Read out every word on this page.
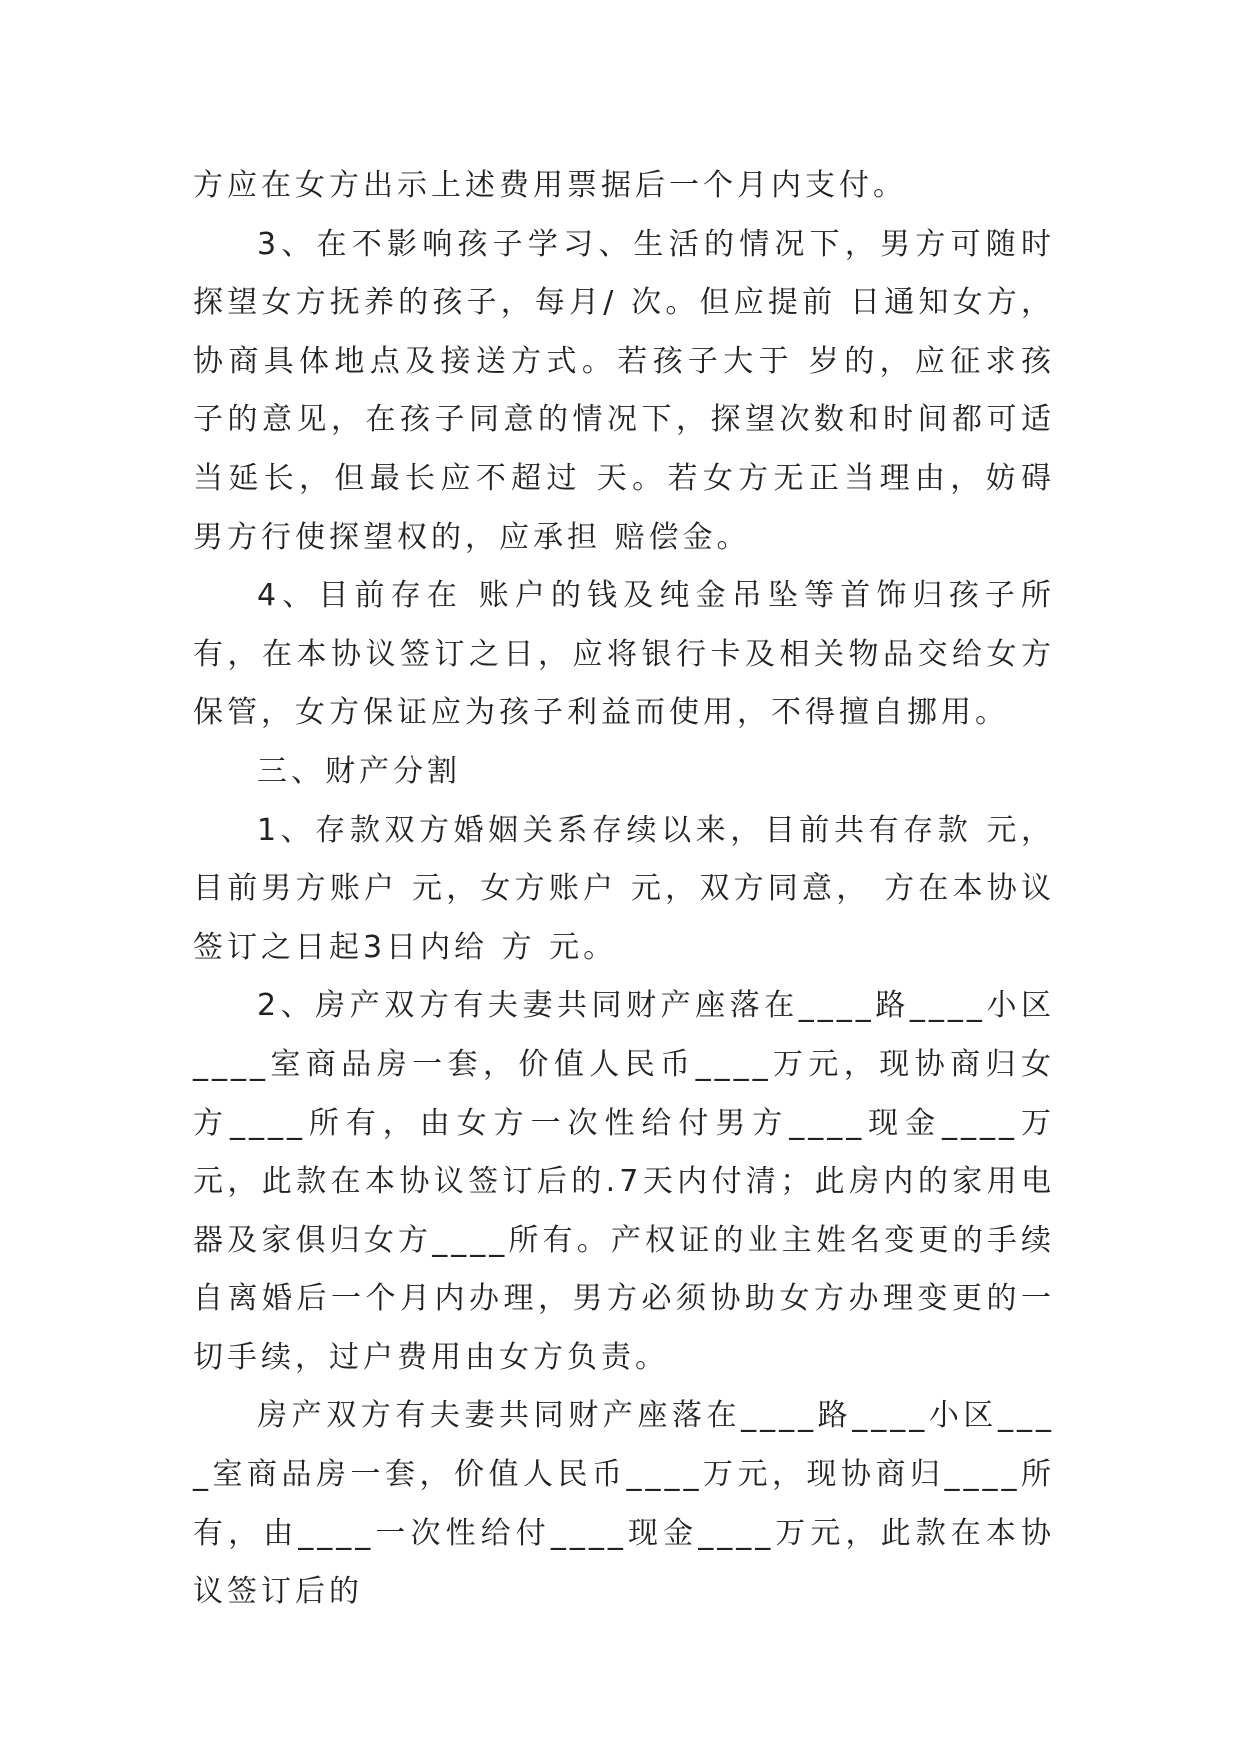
方应在女方出示上述费用票据后一个月内支付。

3、在不影响孩子学习、生活的情况下，男方可随时探望女方抚养的孩子，每月/ 次。但应提前 日通知女方，协商具体地点及接送方式。若孩子大于 岁的，应征求孩子的意见，在孩子同意的情况下，探望次数和时间都可适当延长，但最长应不超过 天。若女方无正当理由，妨碍男方行使探望权的，应承担 赔偿金。

4、目前存在 账户的钱及纯金吊坠等首饰归孩子所有，在本协议签订之日，应将银行卡及相关物品交给女方保管，女方保证应为孩子利益而使用，不得擅自挪用。

三、财产分割

1、存款双方婚姻关系存续以来，目前共有存款 元，目前男方账户 元，女方账户 元，双方同意， 方在本协议签订之日起3日内给 方 元。

2、房产双方有夫妻共同财产座落在____路____小区____室商品房一套，价值人民币____万元，现协商归女方____所有，由女方一次性给付男方____现金____万元，此款在本协议签订后的.7天内付清；此房内的家用电器及家俱归女方____所有。产权证的业主姓名变更的手续自离婚后一个月内办理，男方必须协助女方办理变更的一切手续，过户费用由女方负责。

房产双方有夫妻共同财产座落在____路____小区____室商品房一套，价值人民币____万元，现协商归____所有，由____一次性给付____现金____万元，此款在本协议签订后的
